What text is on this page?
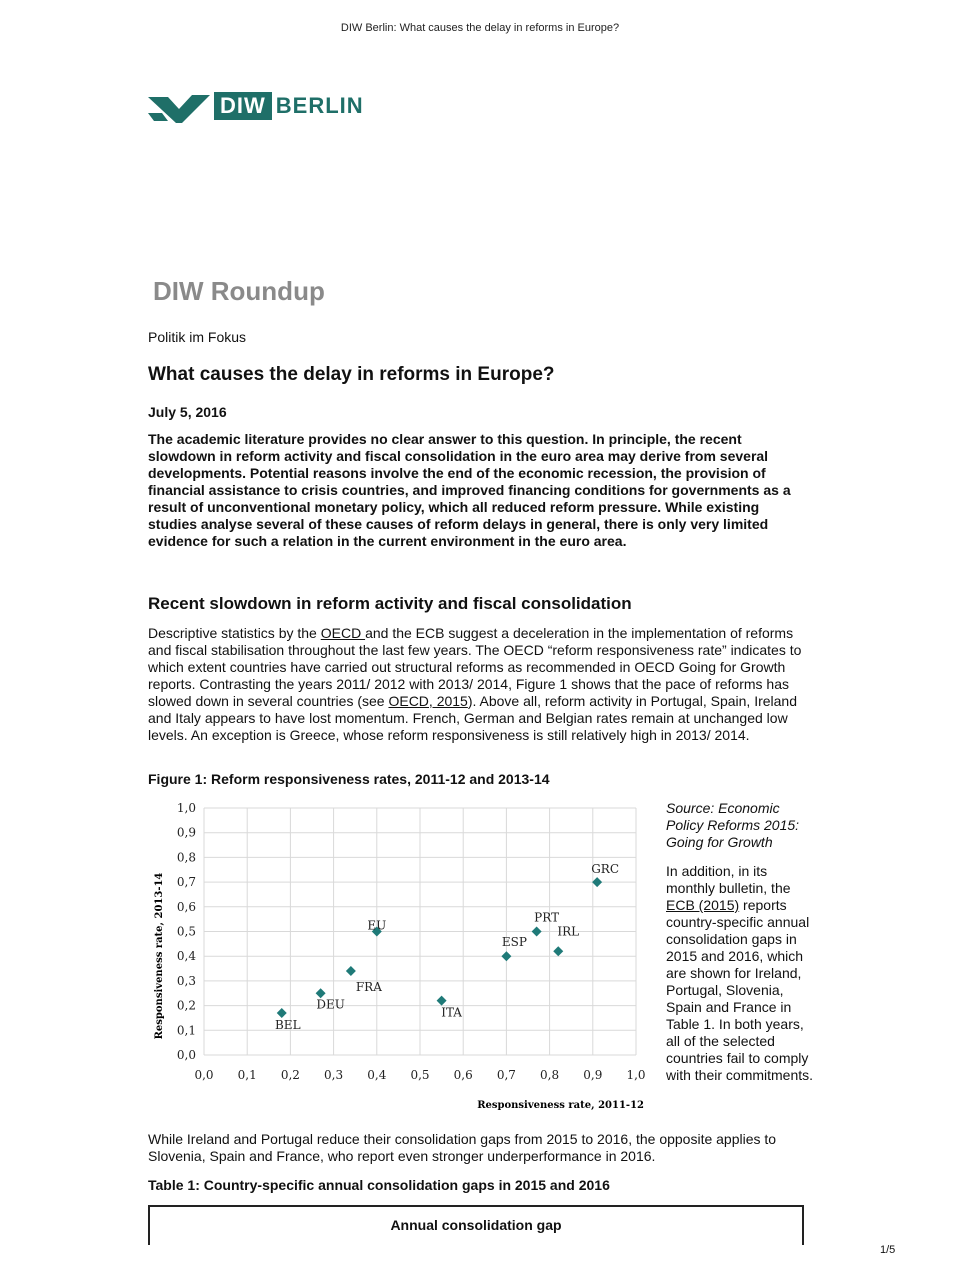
DIW Berlin: What causes the delay in reforms in Europe?
DIW BERLIN
DIW Roundup
Politik im Fokus
What causes the delay in reforms in Europe?
July 5, 2016
The academic literature provides no clear answer to this question. In principle, the recent slowdown in reform activity and fiscal consolidation in the euro area may derive from several developments. Potential reasons involve the end of the economic recession, the provision of financial assistance to crisis countries, and improved financing conditions for governments as a result of unconventional monetary policy, which all reduced reform pressure. While existing studies analyse several of these causes of reform delays in general, there is only very limited evidence for such a relation in the current environment in the euro area.
Recent slowdown in reform activity and fiscal consolidation
Descriptive statistics by the OECD and the ECB suggest a deceleration in the implementation of reforms and fiscal stabilisation throughout the last few years. The OECD “reform responsiveness rate” indicates to which extent countries have carried out structural reforms as recommended in OECD Going for Growth reports. Contrasting the years 2011/ 2012 with 2013/ 2014, Figure 1 shows that the pace of reforms has slowed down in several countries (see OECD, 2015). Above all, reform activity in Portugal, Spain, Ireland and Italy appears to have lost momentum. French, German and Belgian rates remain at unchanged low levels. An exception is Greece, whose reform responsiveness is still relatively high in 2013/ 2014.
Figure 1: Reform responsiveness rates, 2011-12 and 2013-14
0,0
0,1
0,2
0,3
0,4
0,5
0,6
0,7
0,8
0,9
1,0
0,0 0,1 0,2 0,3 0,4 0,5 0,6 0,7 0,8 0,9 1,0
BEL
DEU
FRA
EU
ITA
ESP
PRT
IRL
GRC
Responsiveness rate, 2013-14
Responsiveness rate, 2011-12
Source: Economic Policy Reforms 2015: Going for Growth
In addition, in its monthly bulletin, the ECB (2015) reports country-specific annual consolidation gaps in 2015 and 2016, which are shown for Ireland, Portugal, Slovenia, Spain and France in Table 1. In both years, all of the selected countries fail to comply with their commitments.
While Ireland and Portugal reduce their consolidation gaps from 2015 to 2016, the opposite applies to Slovenia, Spain and France, who report even stronger underperformance in 2016.
Table 1: Country-specific annual consolidation gaps in 2015 and 2016
Annual consolidation gap
1/5
